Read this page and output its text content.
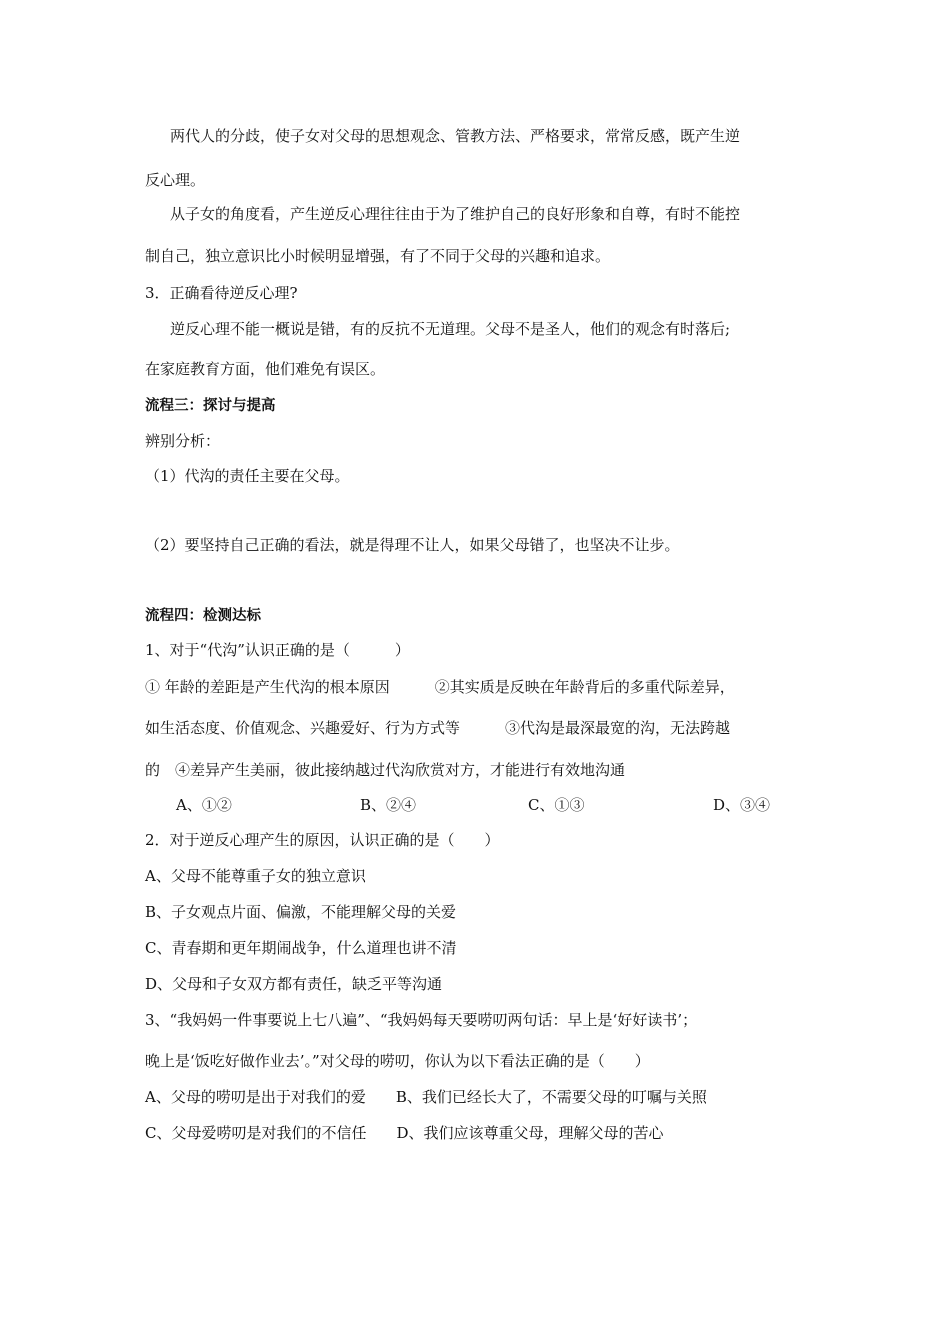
两代人的分歧，使子女对父母的思想观念、管教方法、严格要求，常常反感，既产生逆
反心理。
从子女的角度看，产生逆反心理往往由于为了维护自己的良好形象和自尊，有时不能控
制自己，独立意识比小时候明显增强，有了不同于父母的兴趣和追求。
3．正确看待逆反心理?
逆反心理不能一概说是错，有的反抗不无道理。父母不是圣人，他们的观念有时落后;
在家庭教育方面，他们难免有误区。
流程三：探讨与提高
辨别分析：
（1）代沟的责任主要在父母。
（2）要坚持自己正确的看法，就是得理不让人，如果父母错了，也坚决不让步。
流程四：检测达标
1、对于“代沟”认识正确的是（　　　）
① 年龄的差距是产生代沟的根本原因　　　②其实质是反映在年龄背后的多重代际差异，
如生活态度、价值观念、兴趣爱好、行为方式等　　　③代沟是最深最宽的沟，无法跨越
的　④差异产生美丽，彼此接纳越过代沟欣赏对方，才能进行有效地沟通
A、①②	B、②④	C、①③	D、③④
2．对于逆反心理产生的原因，认识正确的是（　　）
A、父母不能尊重子女的独立意识
B、子女观点片面、偏激，不能理解父母的关爱
C、青春期和更年期闹战争，什么道理也讲不清
D、父母和子女双方都有责任，缺乏平等沟通
3、“我妈妈一件事要说上七八遍”、“我妈妈每天要唠叨两句话：早上是‘好好读书’；
晚上是‘饭吃好做作业去’。”对父母的唠叨，你认为以下看法正确的是（　　）
A、父母的唠叨是出于对我们的爱　　B、我们已经长大了，不需要父母的叮嘱与关照
C、父母爱唠叨是对我们的不信任　　D、我们应该尊重父母，理解父母的苦心
